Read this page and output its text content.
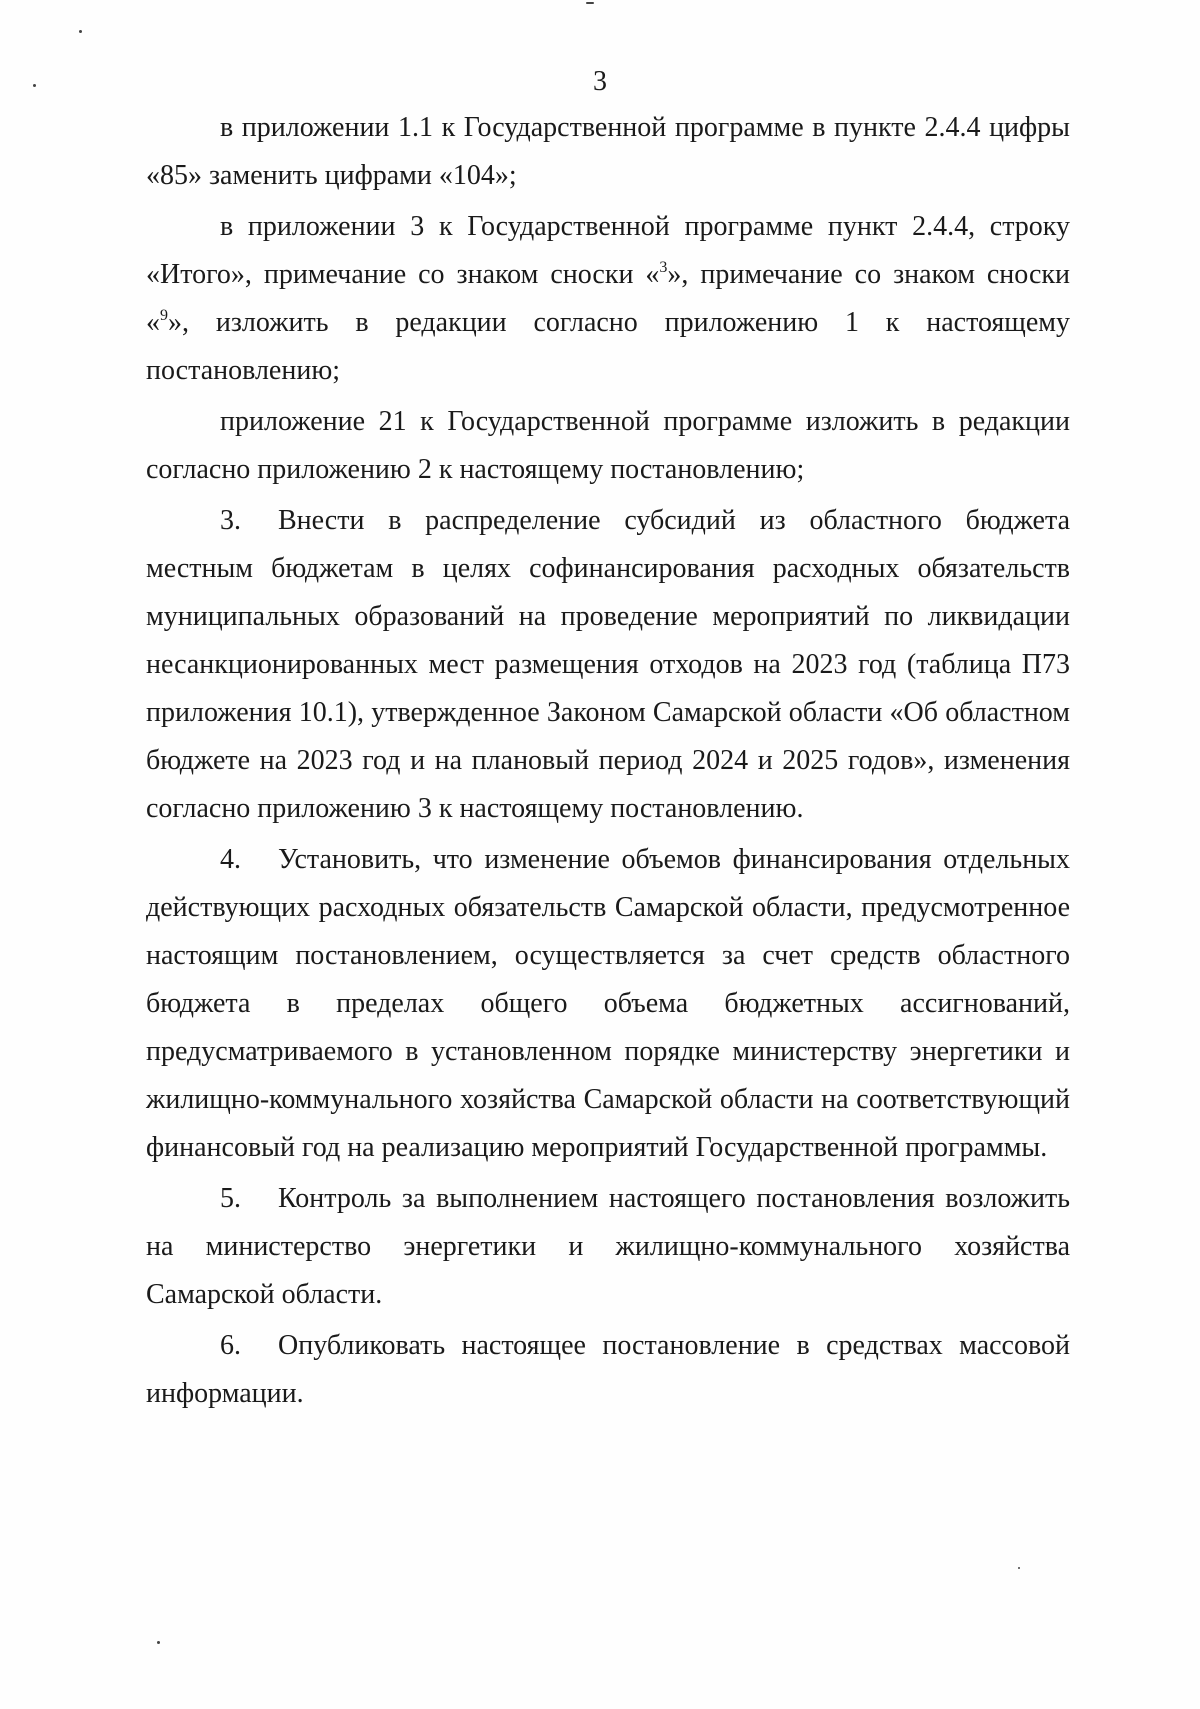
3

в приложении 1.1 к Государственной программе в пункте 2.4.4 цифры «85» заменить цифрами «104»;

в приложении 3 к Государственной программе пункт 2.4.4, строку «Итого», примечание со знаком сноски «$^3$», примечание со знаком сноски «$^9$», изложить в редакции согласно приложению 1 к настоящему постановлению;

приложение 21 к Государственной программе изложить в редакции согласно приложению 2 к настоящему постановлению;

3. Внести в распределение субсидий из областного бюджета местным бюджетам в целях софинансирования расходных обязательств муниципальных образований на проведение мероприятий по ликвидации несанкционированных мест размещения отходов на 2023 год (таблица П73 приложения 10.1), утвержденное Законом Самарской области «Об областном бюджете на 2023 год и на плановый период 2024 и 2025 годов», изменения согласно приложению 3 к настоящему постановлению.

4. Установить, что изменение объемов финансирования отдельных действующих расходных обязательств Самарской области, предусмотренное настоящим постановлением, осуществляется за счет средств областного бюджета в пределах общего объема бюджетных ассигнований, предусматриваемого в установленном порядке министерству энергетики и жилищно-коммунального хозяйства Самарской области на соответствующий финансовый год на реализацию мероприятий Государственной программы.

5. Контроль за выполнением настоящего постановления возложить на министерство энергетики и жилищно-коммунального хозяйства Самарской области.

6. Опубликовать настоящее постановление в средствах массовой информации.
